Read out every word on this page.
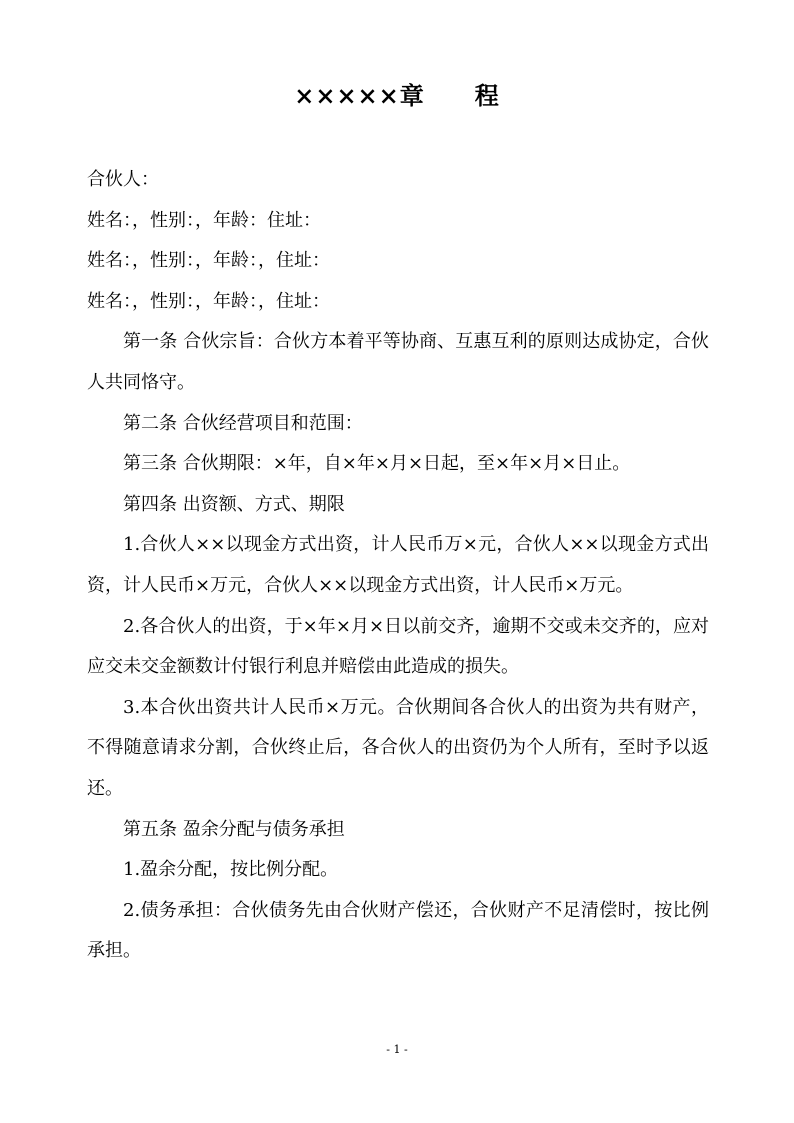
×××××章　　程

合伙人：

姓名：，性别：，年龄：住址：

姓名：，性别：，年龄：，住址：

姓名：，性别：，年龄：，住址：

第一条 合伙宗旨：合伙方本着平等协商、互惠互利的原则达成协定，合伙人共同恪守。

第二条 合伙经营项目和范围：

第三条 合伙期限：×年，自×年×月×日起，至×年×月×日止。

第四条 出资额、方式、期限

1.合伙人××以现金方式出资，计人民币万×元，合伙人××以现金方式出资，计人民币×万元，合伙人××以现金方式出资，计人民币×万元。

2.各合伙人的出资，于×年×月×日以前交齐，逾期不交或未交齐的，应对应交未交金额数计付银行利息并赔偿由此造成的损失。

3.本合伙出资共计人民币×万元。合伙期间各合伙人的出资为共有财产，不得随意请求分割，合伙终止后，各合伙人的出资仍为个人所有，至时予以返还。

第五条 盈余分配与债务承担

1.盈余分配，按比例分配。

2.债务承担：合伙债务先由合伙财产偿还，合伙财产不足清偿时，按比例承担。

- 1 -
